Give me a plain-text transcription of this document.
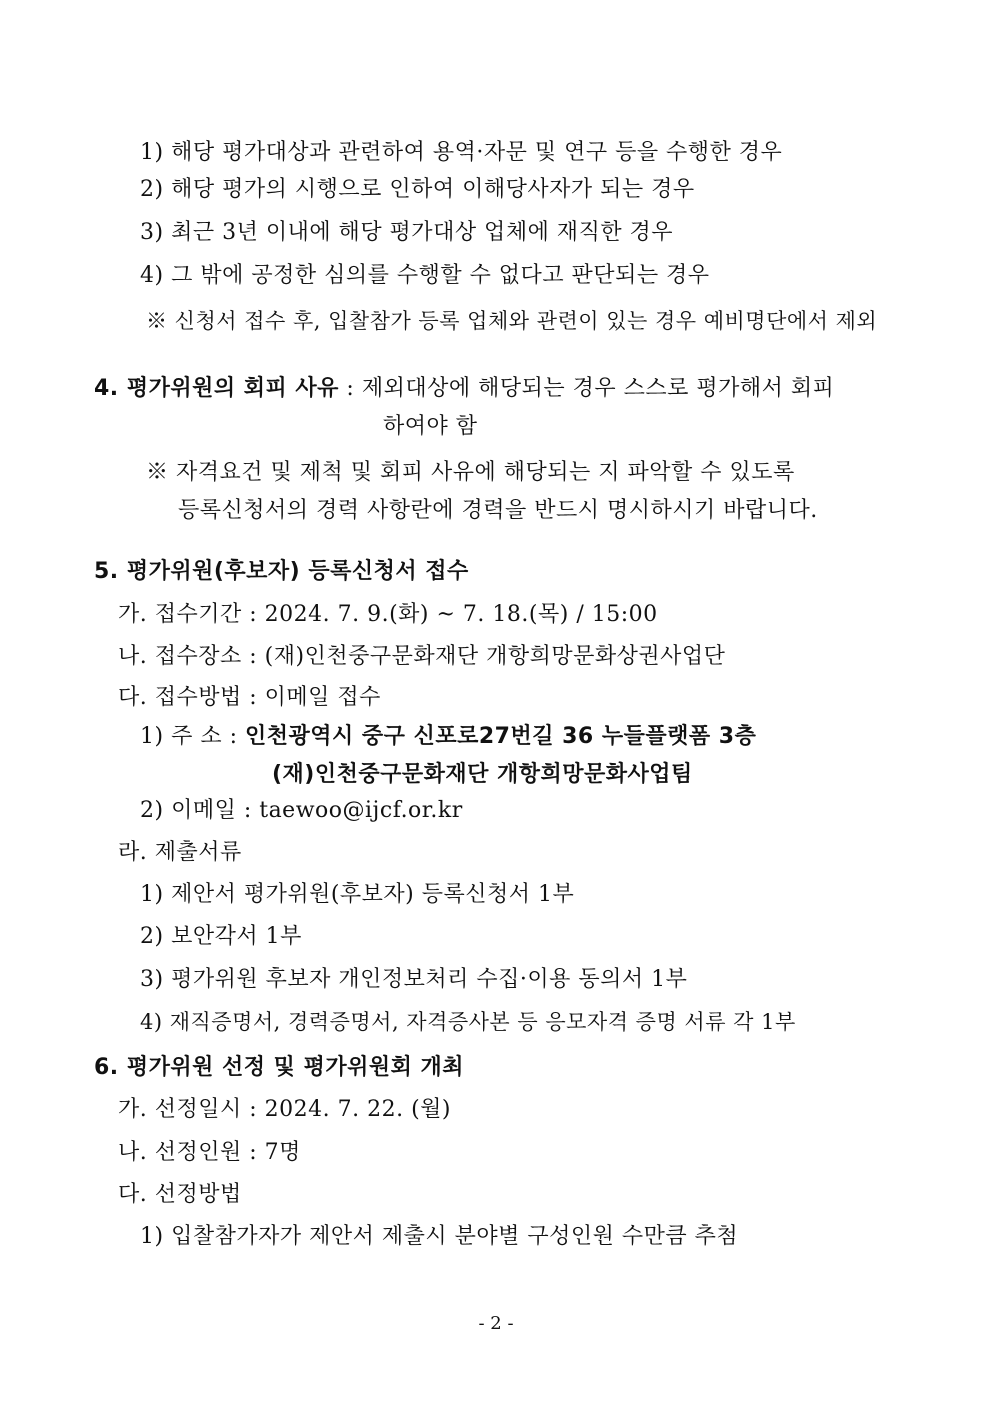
1) 해당 평가대상과 관련하여 용역·자문 및 연구 등을 수행한 경우
2) 해당 평가의 시행으로 인하여 이해당사자가 되는 경우
3) 최근 3년 이내에 해당 평가대상 업체에 재직한 경우
4) 그 밖에 공정한 심의를 수행할 수 없다고 판단되는 경우
※ 신청서 접수 후, 입찰참가 등록 업체와 관련이 있는 경우 예비명단에서 제외
4. 평가위원의 회피 사유 : 제외대상에 해당되는 경우 스스로 평가해서 회피
하여야 함
※ 자격요건 및 제척 및 회피 사유에 해당되는 지 파악할 수 있도록
등록신청서의 경력 사항란에 경력을 반드시 명시하시기 바랍니다.
5. 평가위원(후보자) 등록신청서 접수
가. 접수기간 : 2024. 7. 9.(화) ~ 7. 18.(목) / 15:00
나. 접수장소 : (재)인천중구문화재단 개항희망문화상권사업단
다. 접수방법 : 이메일 접수
1) 주 소 : 인천광역시 중구 신포로27번길 36 누들플랫폼 3층
(재)인천중구문화재단 개항희망문화사업팀
2) 이메일 : taewoo@ijcf.or.kr
라. 제출서류
1) 제안서 평가위원(후보자) 등록신청서 1부
2) 보안각서 1부
3) 평가위원 후보자 개인정보처리 수집·이용 동의서 1부
4) 재직증명서, 경력증명서, 자격증사본 등 응모자격 증명 서류 각 1부
6. 평가위원 선정 및 평가위원회 개최
가. 선정일시 : 2024. 7. 22. (월)
나. 선정인원 : 7명
다. 선정방법
1) 입찰참가자가 제안서 제출시 분야별 구성인원 수만큼 추첨
- 2 -
